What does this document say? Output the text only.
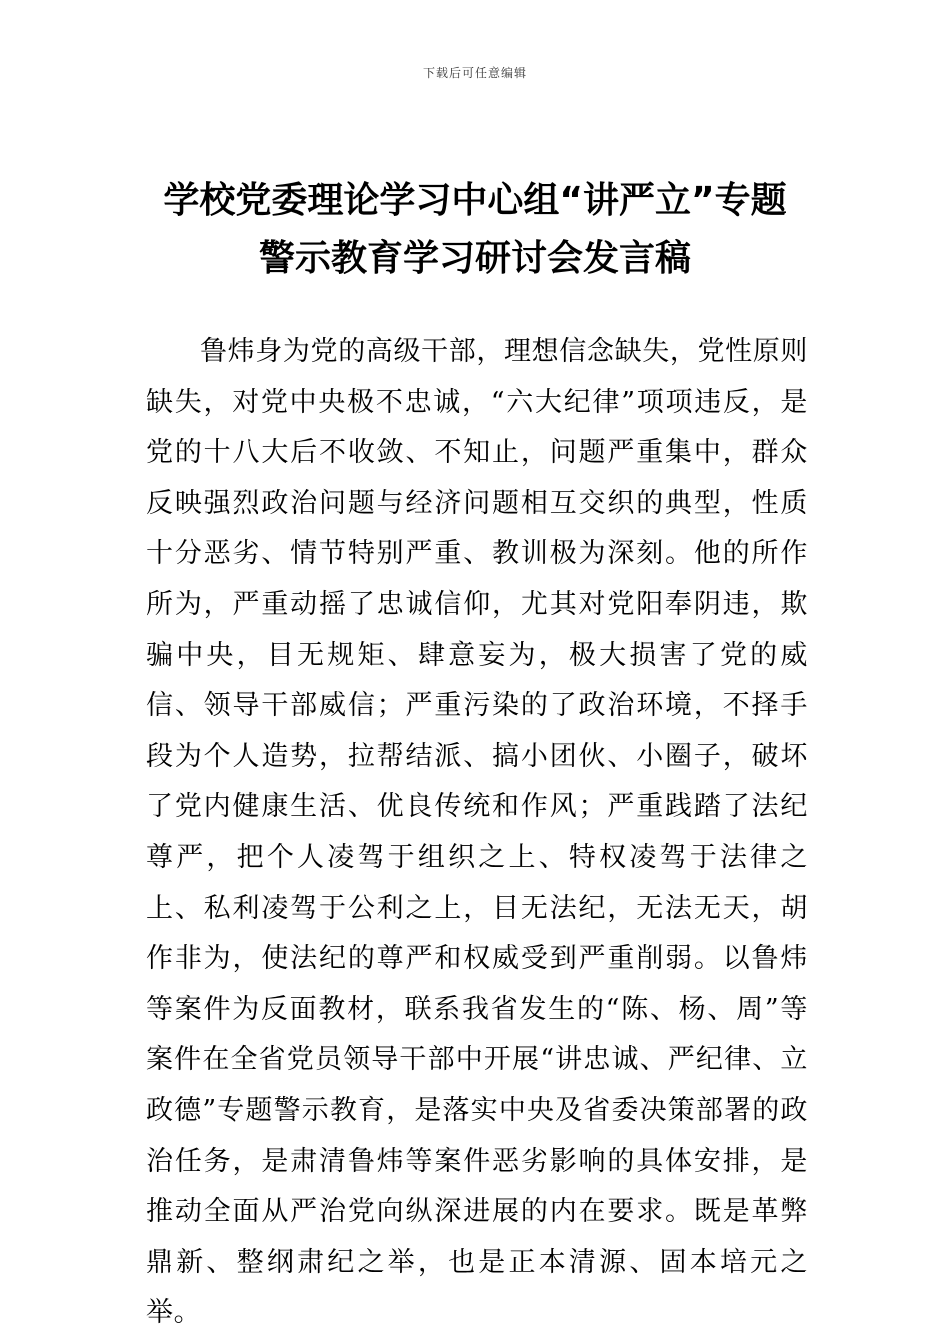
下载后可任意编辑
学校党委理论学习中心组“讲严立”专题
警示教育学习研讨会发言稿

鲁炜身为党的高级干部，理想信念缺失，党性原则缺失，对党中央极不忠诚，“六大纪律”项项违反，是党的十八大后不收敛、不知止，问题严重集中，群众反映强烈政治问题与经济问题相互交织的典型，性质十分恶劣、情节特别严重、教训极为深刻。他的所作所为，严重动摇了忠诚信仰，尤其对党阳奉阴违，欺骗中央，目无规矩、肆意妄为，极大损害了党的威信、领导干部威信；严重污染的了政治环境，不择手段为个人造势，拉帮结派、搞小团伙、小圈子，破坏了党内健康生活、优良传统和作风；严重践踏了法纪尊严，把个人凌驾于组织之上、特权凌驾于法律之上、私利凌驾于公利之上，目无法纪，无法无天，胡作非为，使法纪的尊严和权威受到严重削弱。以鲁炜等案件为反面教材，联系我省发生的“陈、杨、周”等案件在全省党员领导干部中开展“讲忠诚、严纪律、立政德”专题警示教育，是落实中央及省委决策部署的政治任务，是肃清鲁炜等案件恶劣影响的具体安排，是推动全面从严治党向纵深进展的内在要求。既是革弊鼎新、整纲肃纪之举，也是正本清源、固本培元之举。
